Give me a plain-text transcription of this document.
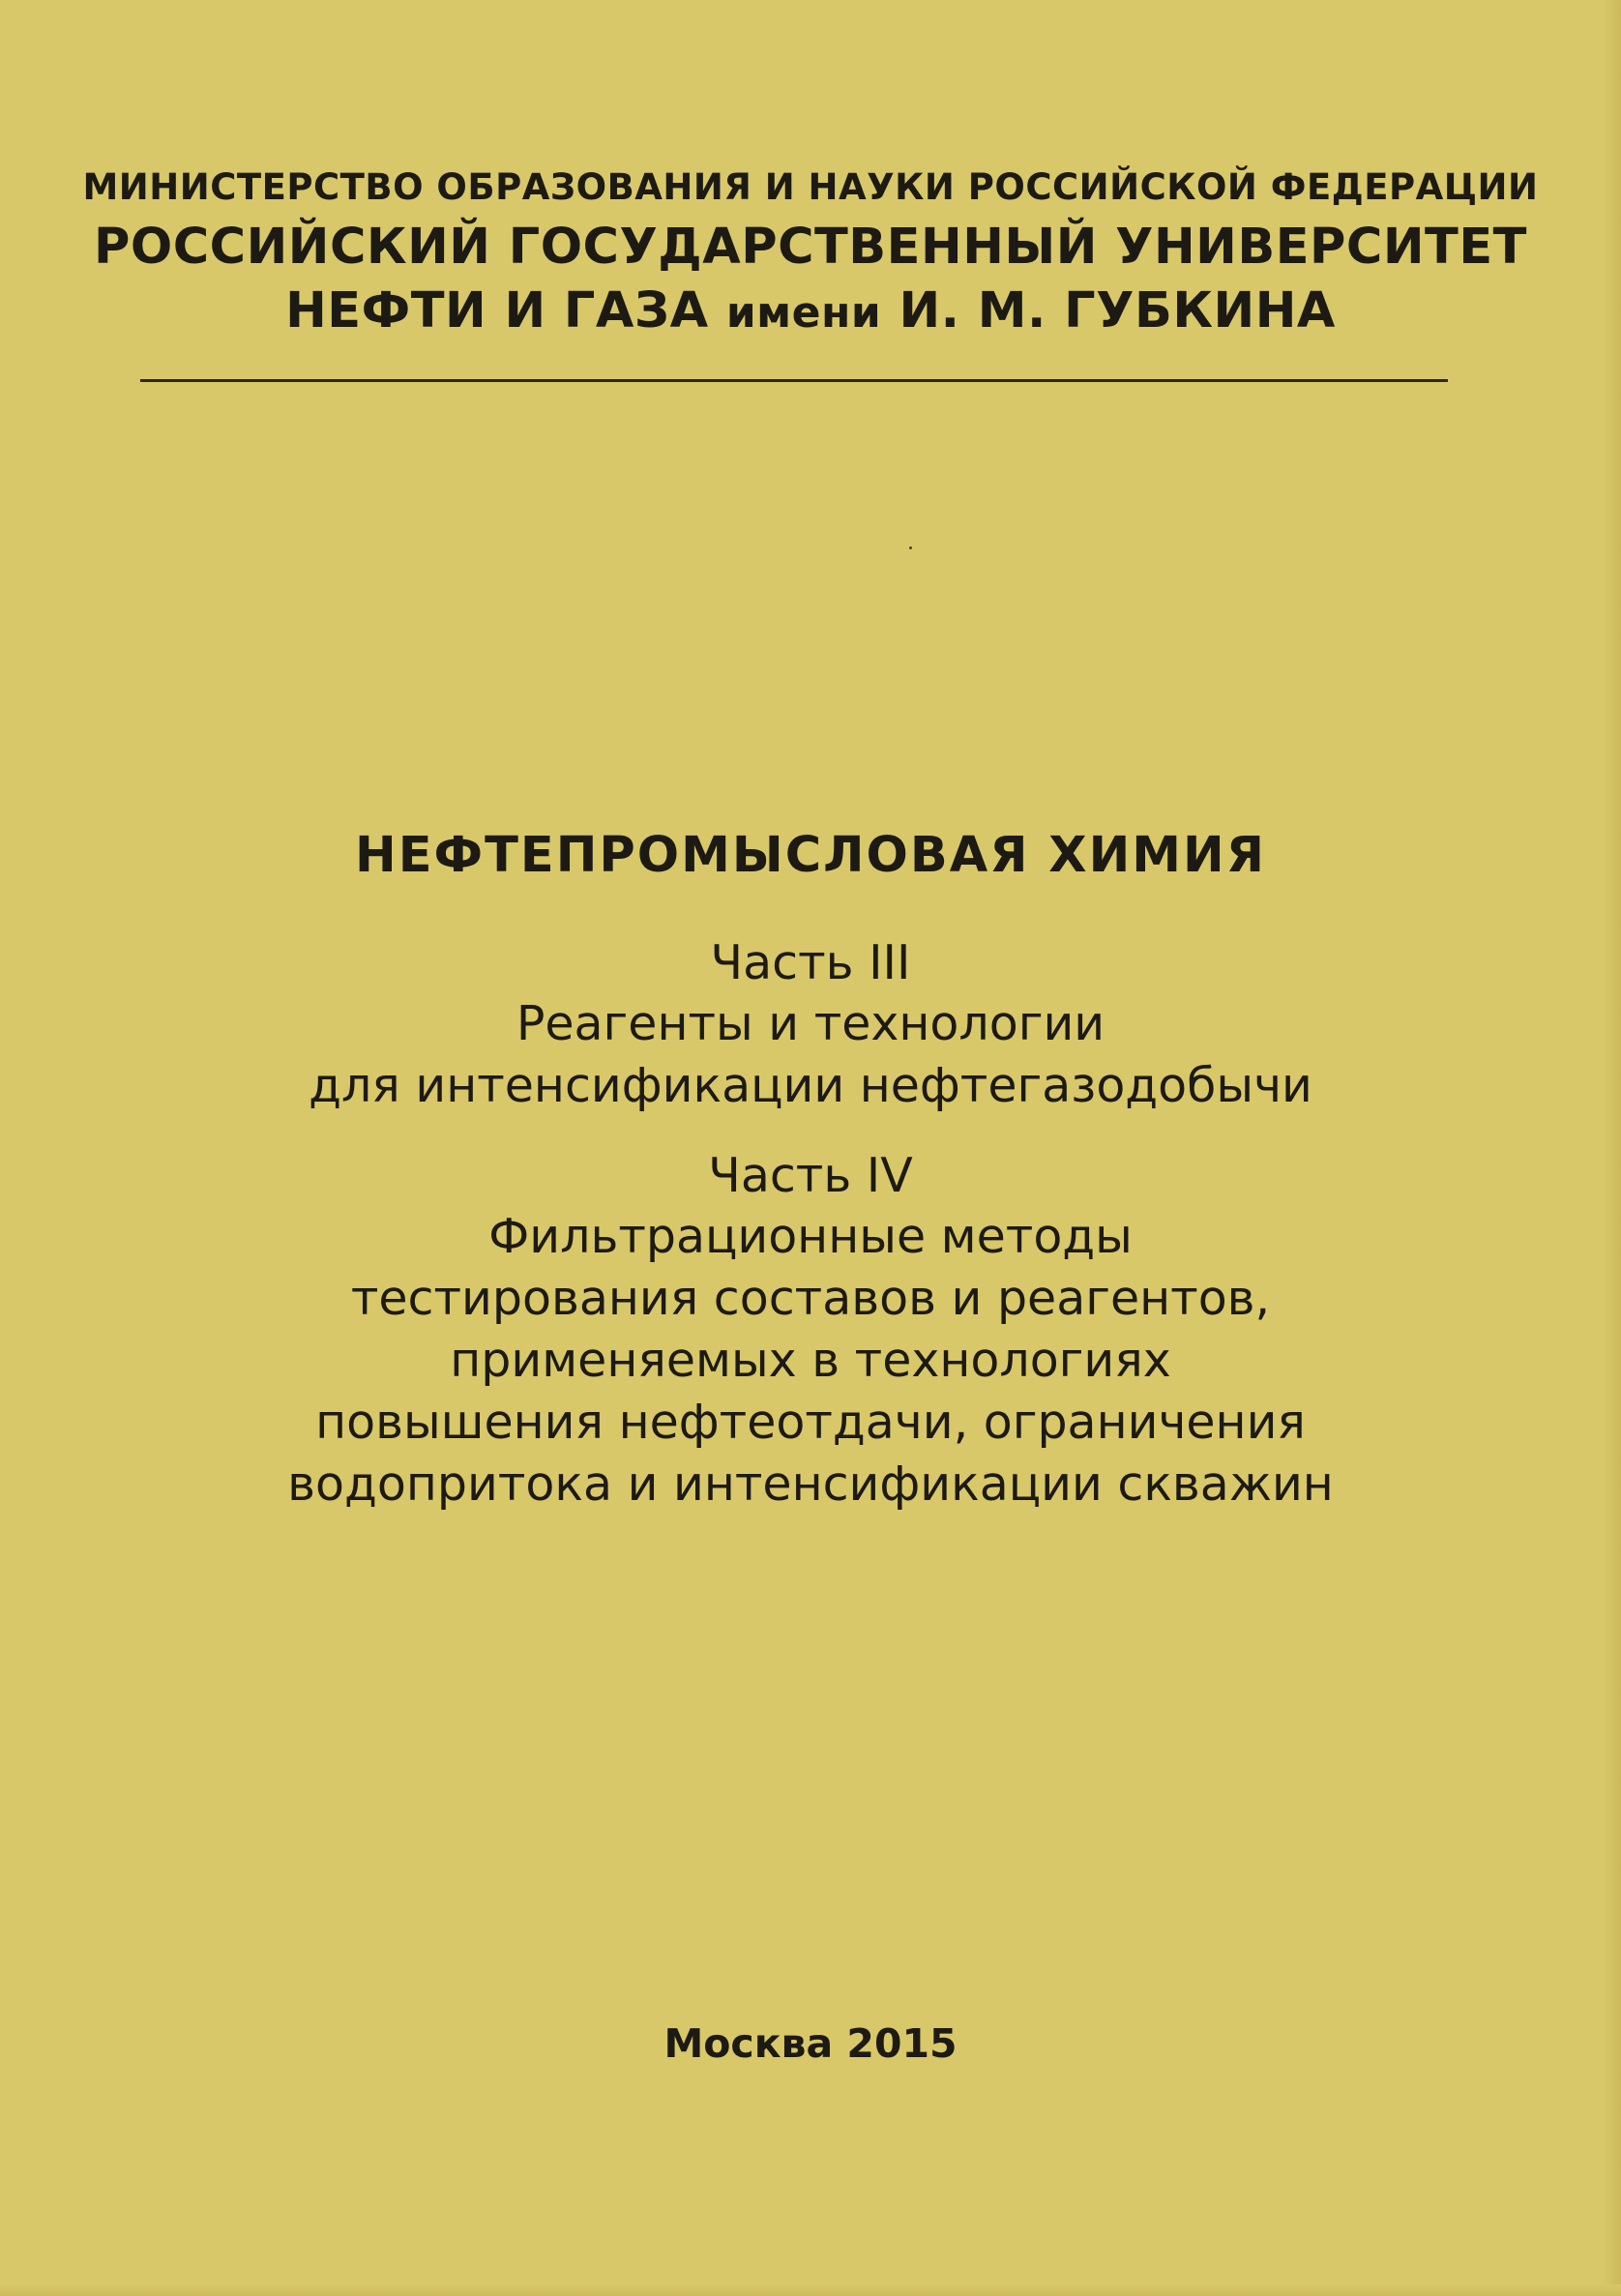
МИНИСТЕРСТВО ОБРАЗОВАНИЯ И НАУКИ РОССИЙСКОЙ ФЕДЕРАЦИИ
РОССИЙСКИЙ ГОСУДАРСТВЕННЫЙ УНИВЕРСИТЕТ
НЕФТИ И ГАЗА имени И. М. ГУБКИНА
НЕФТЕПРОМЫСЛОВАЯ ХИМИЯ
Часть III
Реагенты и технологии
для интенсификации нефтегазодобычи
Часть IV
Фильтрационные методы
тестирования составов и реагентов,
применяемых в технологиях
повышения нефтеотдачи, ограничения
водопритока и интенсификации скважин
Москва 2015
